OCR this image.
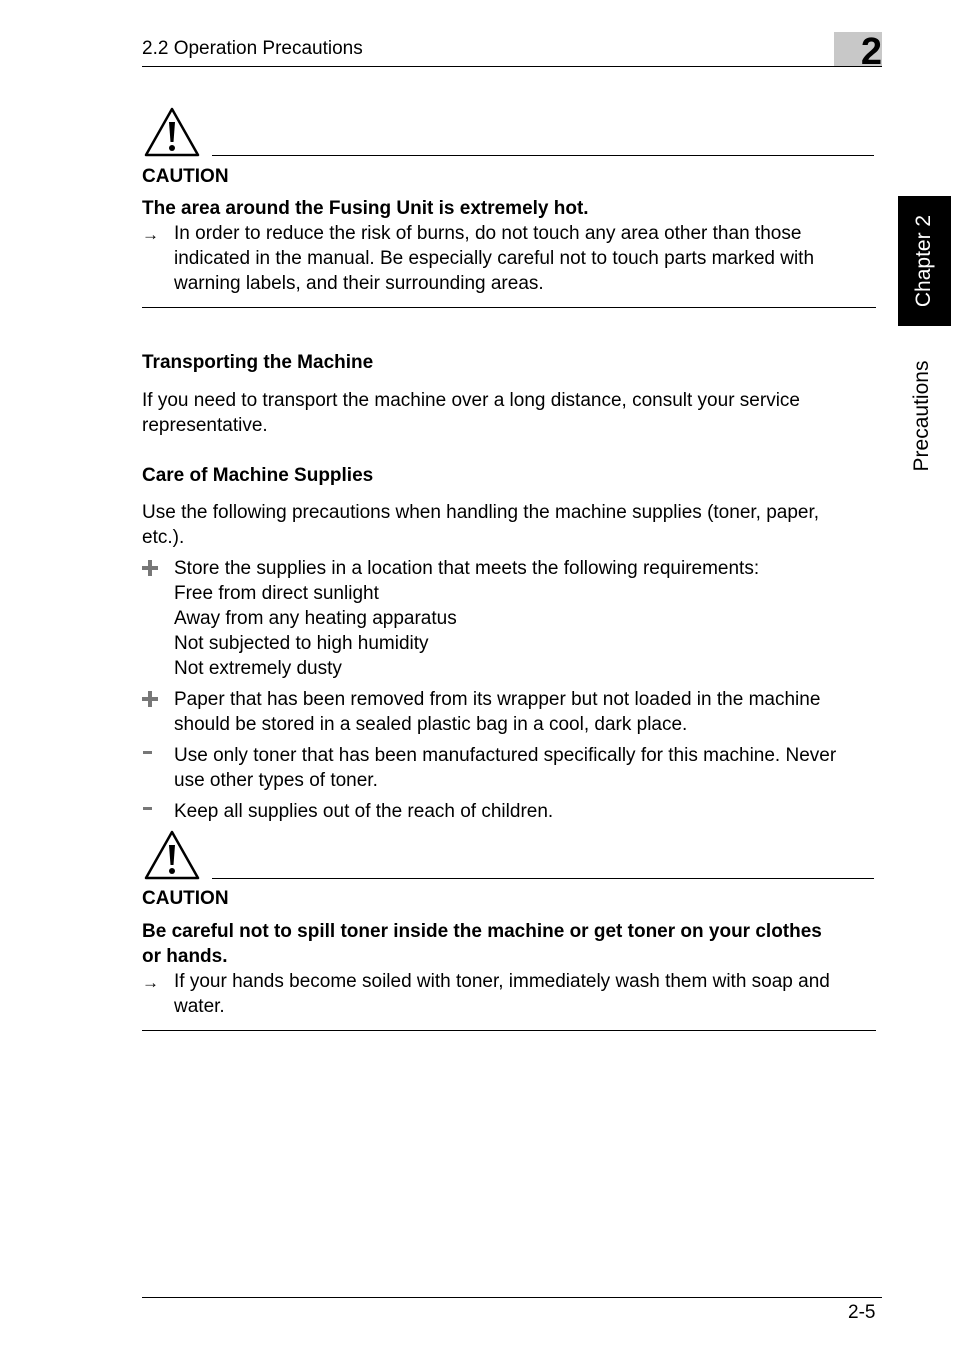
2.2 Operation Precautions	2
Chapter 2
Precautions
CAUTION
The area around the Fusing Unit is extremely hot.
→ In order to reduce the risk of burns, do not touch any area other than those
indicated in the manual. Be especially careful not to touch parts marked with
warning labels, and their surrounding areas.
Transporting the Machine
If you need to transport the machine over a long distance, consult your service
representative.
Care of Machine Supplies
Use the following precautions when handling the machine supplies (toner, paper,
etc.).
Store the supplies in a location that meets the following requirements:
Free from direct sunlight
Away from any heating apparatus
Not subjected to high humidity
Not extremely dusty
Paper that has been removed from its wrapper but not loaded in the machine
should be stored in a sealed plastic bag in a cool, dark place.
Use only toner that has been manufactured specifically for this machine. Never
use other types of toner.
Keep all supplies out of the reach of children.
CAUTION
Be careful not to spill toner inside the machine or get toner on your clothes
or hands.
→ If your hands become soiled with toner, immediately wash them with soap and
water.
2-5
